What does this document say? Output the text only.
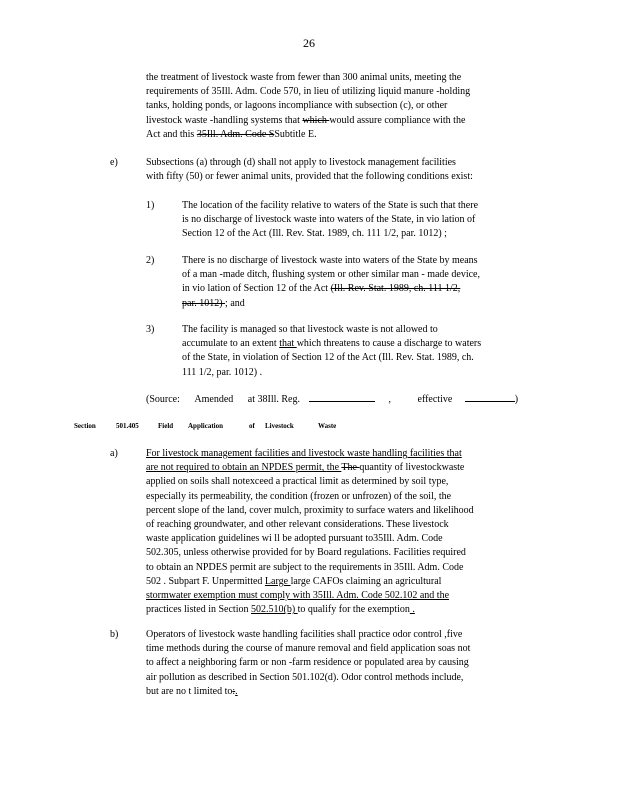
26
the treatment of livestock waste from fewer than 300 animal units, meeting the
requirements of 35Ill. Adm. Code 570, in lieu of utilizing liquid manure -holding
tanks, holding ponds, or lagoons incompliance with subsection (c), or other
livestock waste -handling systems that which would assure compliance with the
Act and this 35Ill. Adm. Code SSubtitle E.
e)	Subsections (a) through (d) shall not apply to livestock management facilities
with fifty (50) or fewer animal units, provided that the following conditions exist:
1)	The location of the facility relative to waters of the State is such that there
is no discharge of livestock waste into waters of the State, in vio lation of
Section 12 of the Act (Ill. Rev. Stat. 1989, ch. 111 1/2, par. 1012) ;
2)	There is no discharge of livestock waste into waters of the State by means
of a man -made ditch, flushing system or other similar man - made device,
in vio lation of Section 12 of the Act (Ill. Rev. Stat. 1989, ch. 111 1/2,
par. 1012) ; and
3)	The facility is managed so that livestock waste is not allowed to
accumulate to an extent that which threatens to cause a discharge to waters
of the State, in violation of Section 12 of the Act (Ill. Rev. Stat. 1989, ch.
111 1/2, par. 1012) .
(Source: Amended at 38Ill. Reg.	,	effective	)
Section	501.405	Field Application	of Livestock	Waste
a)	For livestock management facilities and livestock waste handling facilities that
are not required to obtain an NPDES permit, the The quantity of livestockwaste
applied on soils shall notexceed a practical limit as determined by soil type,
especially its permeability, the condition (frozen or unfrozen) of the soil, the
percent slope of the land, cover mulch, proximity to surface waters and likelihood
of reaching groundwater, and other relevant considerations. These livestock
waste application guidelines wi ll be adopted pursuant to35Ill. Adm. Code
502.305, unless otherwise provided for by Board regulations. Facilities required
to obtain an NPDES permit are subject to the requirements in 35Ill. Adm. Code
502 . Subpart F. Unpermitted Large large CAFOs claiming an agricultural
stormwater exemption must comply with 35Ill. Adm. Code 502.102 and the
practices listed in Section 502.510(b) to qualify for the exemption .
b)	Operators of livestock waste handling facilities shall practice odor control ,five
time methods during the course of manure removal and field application soas not
to affect a neighboring farm or non -farm residence or populated area by causing
air pollution as described in Section 501.102(d). Odor control methods include,
but are no t limited to:.
